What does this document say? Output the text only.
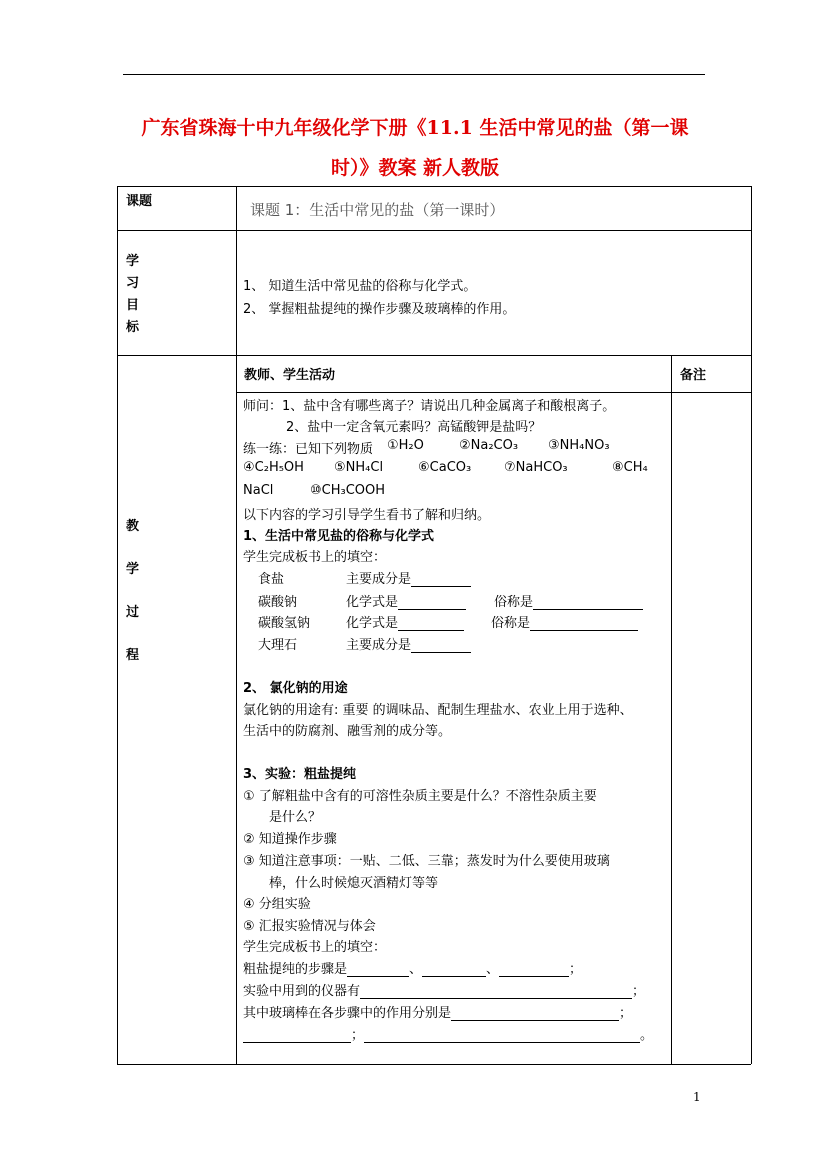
广东省珠海十中九年级化学下册《11.1 生活中常见的盐（第一课
时）》教案 新人教版
课题	课题 1：生活中常见的盐（第一课时）
学
习
目
标
1、 知道生活中常见盐的俗称与化学式。
2、 掌握粗盐提纯的操作步骤及玻璃棒的作用。
教师、学生活动	备注
教
学
过
程
师问：1、盐中含有哪些离子？请说出几种金属离子和酸根离子。
2、盐中一定含氧元素吗？高锰酸钾是盐吗？
练一练：已知下列物质 ①H₂O	②Na₂CO₃ ③NH₄NO₃
④C₂H₅OH ⑤NH₄Cl	⑥CaCO₃	⑦NaHCO₃	⑧CH₄
NaCl	⑩CH₃COOH
以下内容的学习引导学生看书了解和归纳。
1、生活中常见盐的俗称与化学式
学生完成板书上的填空：
食盐	主要成分是
碳酸钠	化学式是	俗称是
碳酸氢钠	化学式是	俗称是
大理石	主要成分是
2、 氯化钠的用途
氯化钠的用途有: 重要 的调味品、配制生理盐水、农业上用于选种、
生活中的防腐剂、融雪剂的成分等。
3、实验：粗盐提纯
① 了解粗盐中含有的可溶性杂质主要是什么？不溶性杂质主要
是什么？
② 知道操作步骤
③ 知道注意事项：一贴、二低、三靠；蒸发时为什么要使用玻璃
棒，什么时候熄灭酒精灯等等
④ 分组实验
⑤ 汇报实验情况与体会
学生完成板书上的填空：
粗盐提纯的步骤是	、	、	；
实验中用到的仪器有	；
其中玻璃棒在各步骤中的作用分别是	；
；	。
1
